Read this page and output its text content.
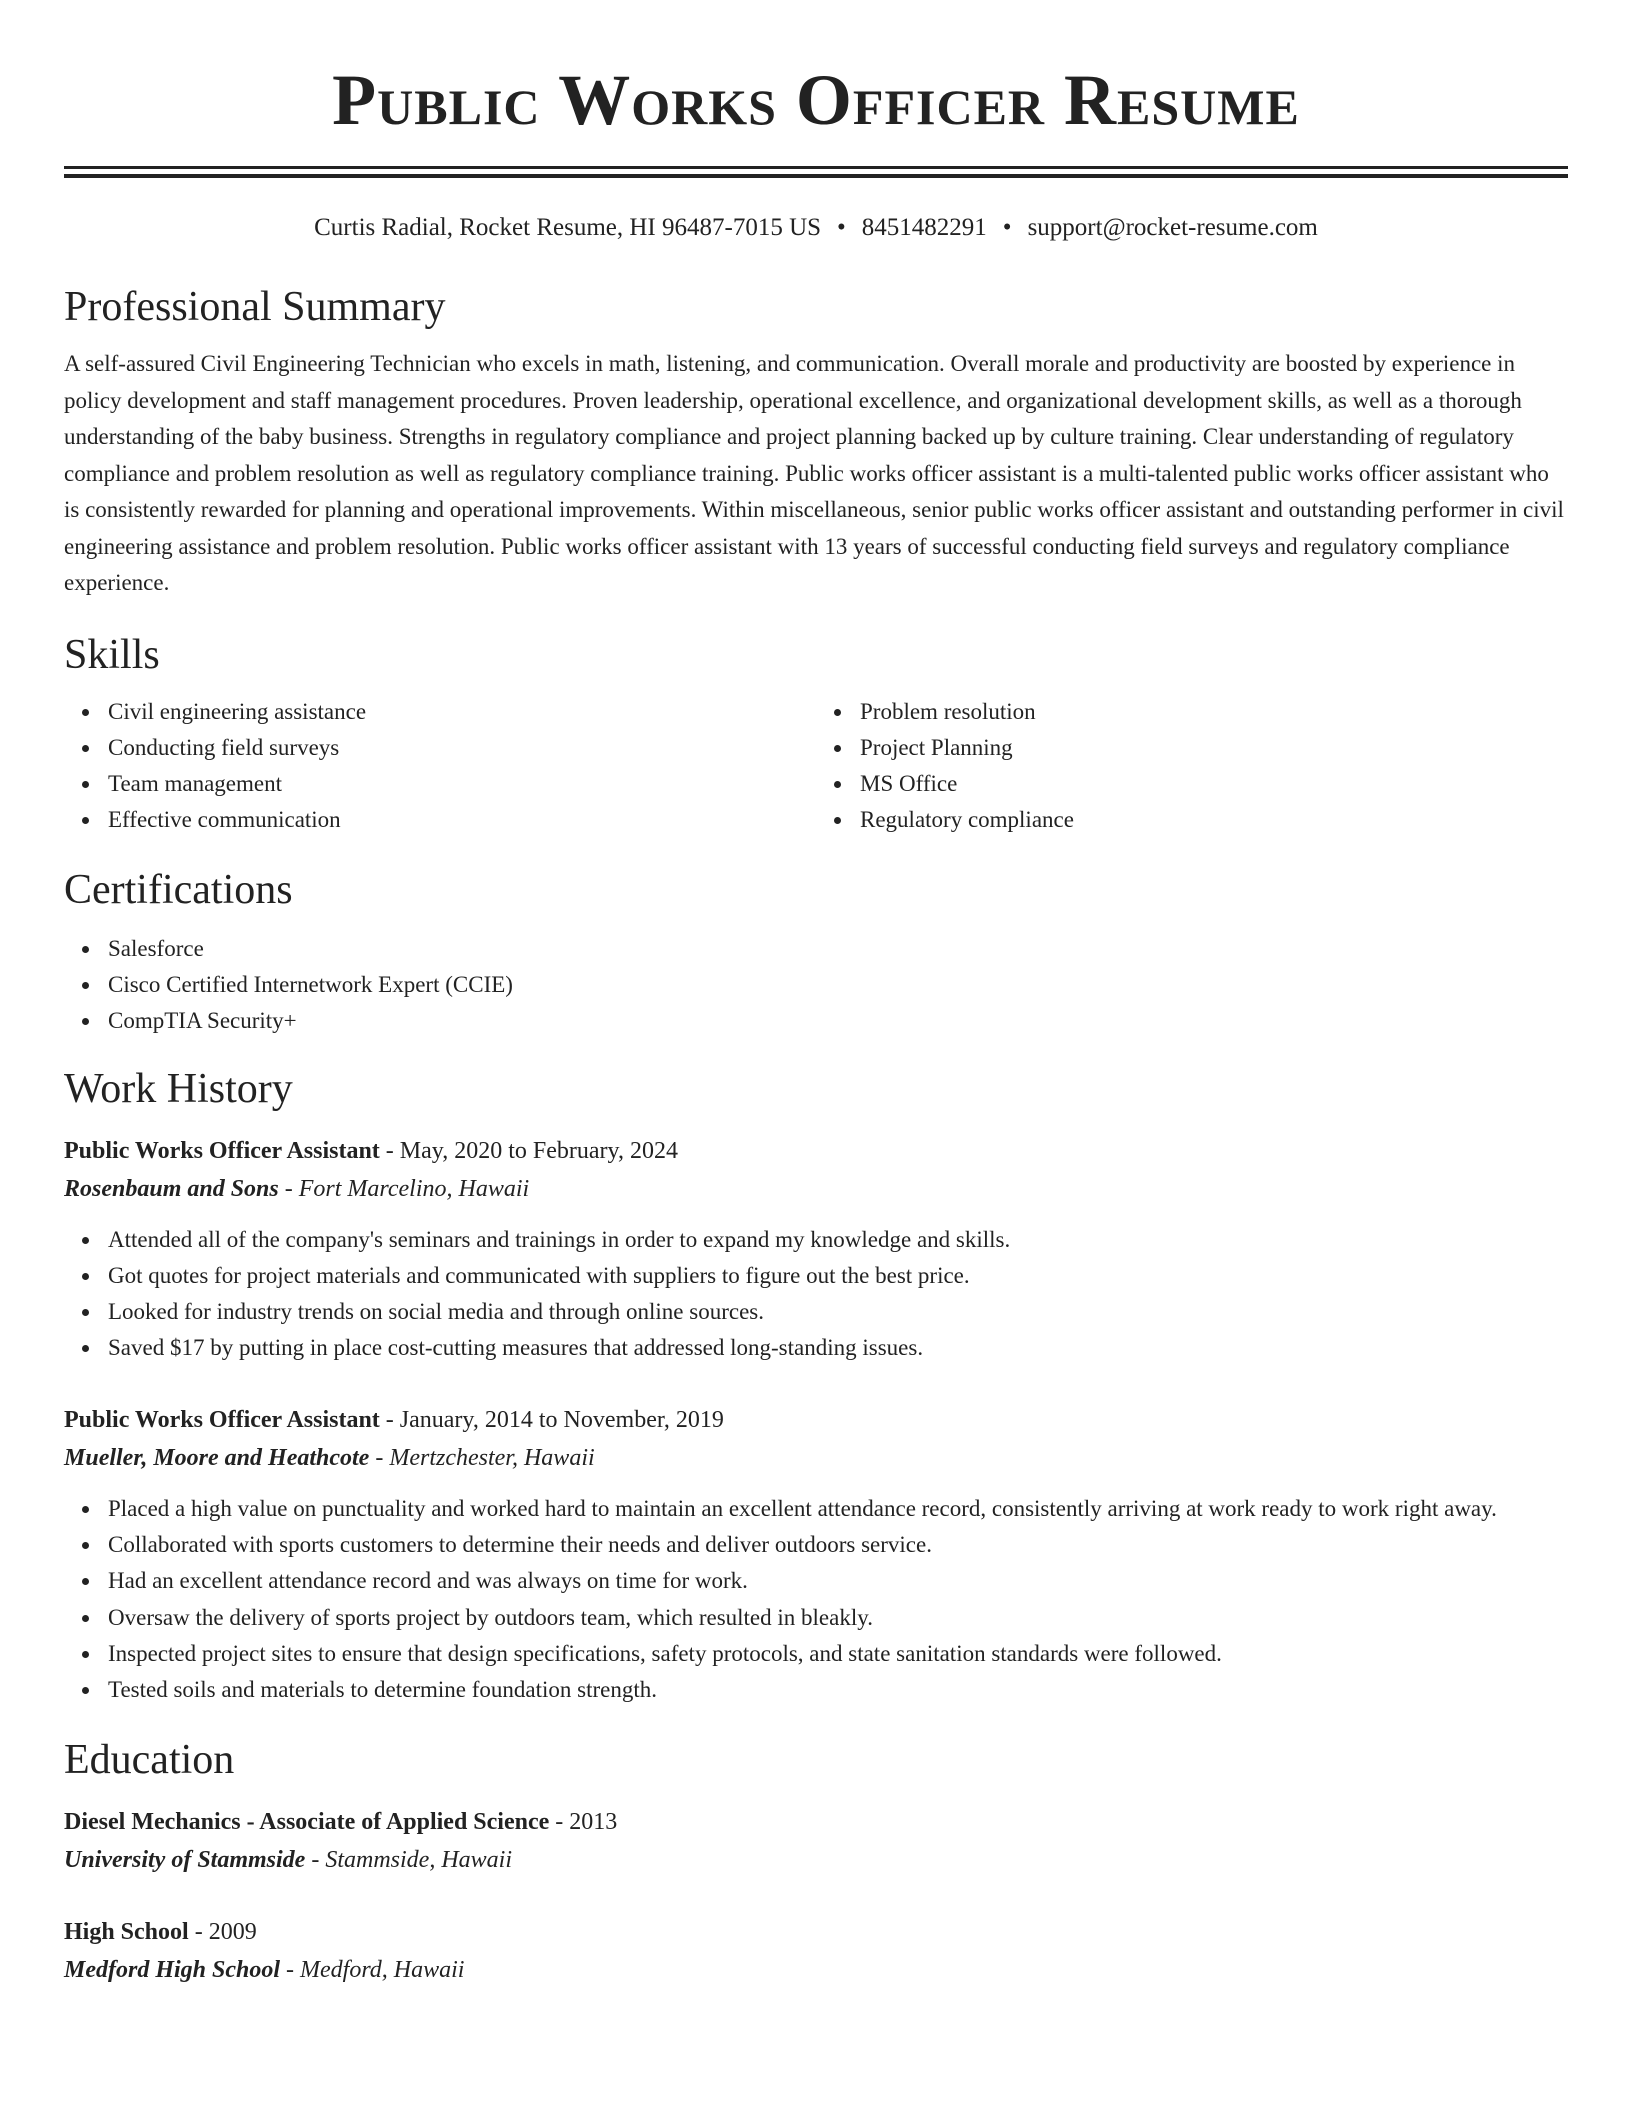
Public Works Officer Resume
Curtis Radial, Rocket Resume, HI 96487-7015 US • 8451482291 • support@rocket-resume.com
Professional Summary

A self-assured Civil Engineering Technician who excels in math, listening, and communication. Overall morale and productivity are boosted by experience in policy development and staff management procedures. Proven leadership, operational excellence, and organizational development skills, as well as a thorough understanding of the baby business. Strengths in regulatory compliance and project planning backed up by culture training. Clear understanding of regulatory compliance and problem resolution as well as regulatory compliance training. Public works officer assistant is a multi-talented public works officer assistant who is consistently rewarded for planning and operational improvements. Within miscellaneous, senior public works officer assistant and outstanding performer in civil engineering assistance and problem resolution. Public works officer assistant with 13 years of successful conducting field surveys and regulatory compliance experience.

Skills
Civil engineering assistance
Conducting field surveys
Team management
Effective communication
Problem resolution
Project Planning
MS Office
Regulatory compliance
Certifications
Salesforce
Cisco Certified Internetwork Expert (CCIE)
CompTIA Security+
Work History
Public Works Officer Assistant - May, 2020 to February, 2024
Rosenbaum and Sons - Fort Marcelino, Hawaii
Attended all of the company's seminars and trainings in order to expand my knowledge and skills.
Got quotes for project materials and communicated with suppliers to figure out the best price.
Looked for industry trends on social media and through online sources.
Saved $17 by putting in place cost-cutting measures that addressed long-standing issues.
Public Works Officer Assistant - January, 2014 to November, 2019
Mueller, Moore and Heathcote - Mertzchester, Hawaii
Placed a high value on punctuality and worked hard to maintain an excellent attendance record, consistently arriving at work ready to work right away.
Collaborated with sports customers to determine their needs and deliver outdoors service.
Had an excellent attendance record and was always on time for work.
Oversaw the delivery of sports project by outdoors team, which resulted in bleakly.
Inspected project sites to ensure that design specifications, safety protocols, and state sanitation standards were followed.
Tested soils and materials to determine foundation strength.
Education
Diesel Mechanics - Associate of Applied Science - 2013
University of Stammside - Stammside, Hawaii
High School - 2009
Medford High School - Medford, Hawaii
